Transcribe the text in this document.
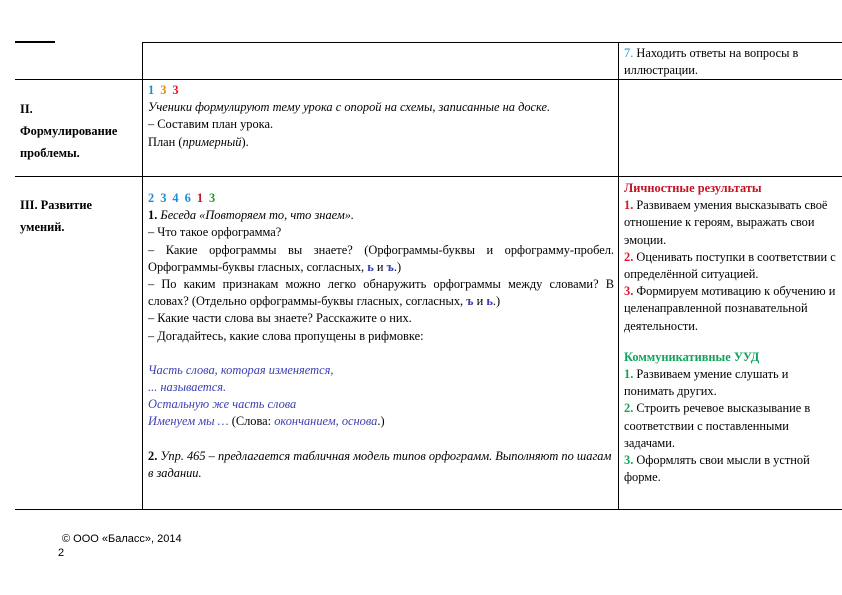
7. Находить ответы на вопросы в иллюстрации.
II.
Формулирование
проблемы.
1 3 3

Ученики формулируют тему урока с опорой на схемы, записанные на доске.

– Составим план урока.

План (примерный).

III. Развитие
умений.
2 3 4 6 1 3

1. Беседа «Повторяем то, что знаем».

– Что такое орфограмма?

– Какие орфограммы вы знаете? (Орфограммы-буквы и орфограмму-пробел. Орфограммы-буквы гласных, согласных, ь и ъ.)

– По каким признакам можно легко обнаружить орфограммы между словами? В словах? (Отдельно орфограммы-буквы гласных, согласных, ъ и ь.)

– Какие части слова вы знаете? Расскажите о них.

– Догадайтесь, какие слова пропущены в рифмовке:

Часть слова, которая изменяется,

... называется.

Остальную же часть слова

Именуем мы … (Слова: окончанием, основа.)

2. Упр. 465 – предлагается табличная модель типов орфограмм. Выполняют по шагам в задании.

Личностные результаты

1. Развиваем умения высказывать своё отношение к героям, выражать свои эмоции.

2. Оценивать поступки в соответствии с определённой ситуацией.

3. Формируем мотивацию к обучению и целенаправленной познавательной деятельности.

Коммуникативные УУД

1. Развиваем умение слушать и понимать других.

2. Строить речевое высказывание в соответствии с поставленными задачами.

3. Оформлять свои мысли в устной форме.

© ООО «Баласс», 2014
2
